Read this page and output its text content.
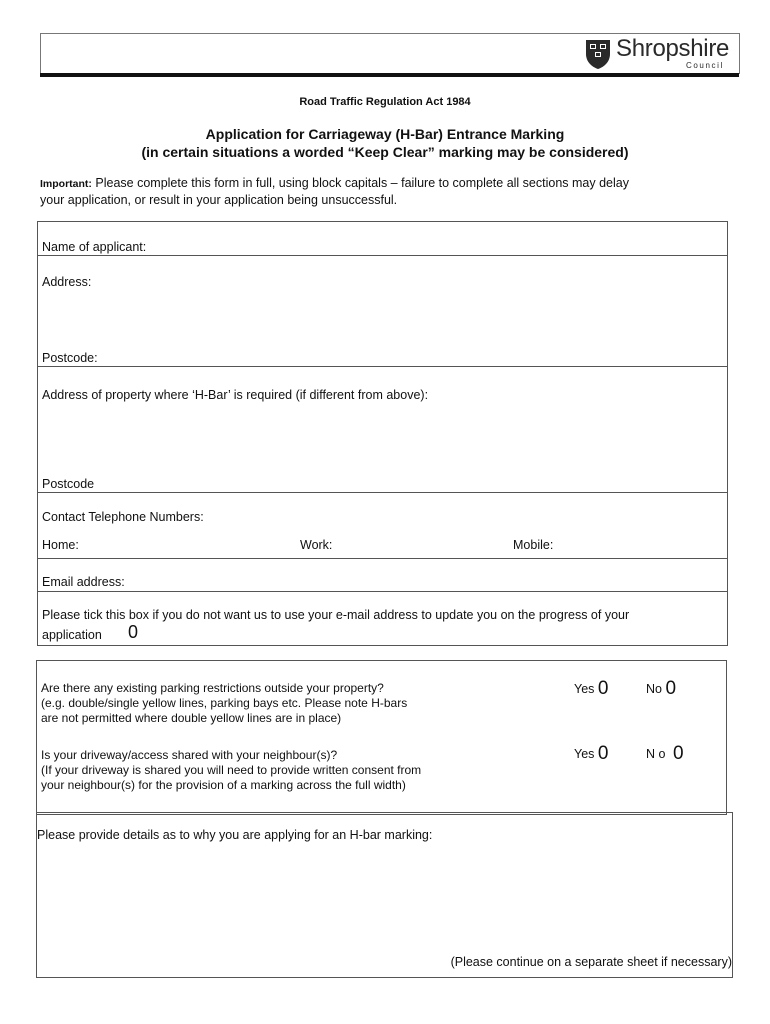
Shropshire
Council
Road Traffic Regulation Act 1984
Application for Carriageway (H-Bar) Entrance Marking
(in certain situations a worded “Keep Clear” marking may be considered)
Important: Please complete this form in full, using block capitals – failure to complete all sections may delay
your application, or result in your application being unsuccessful.
Name of applicant:
Address:
Postcode:
Address of property where ‘H-Bar’ is required (if different from above):
Postcode
Contact Telephone Numbers:
Home:	Work:	Mobile:
Email address:
Please tick this box if you do not want us to use your e-mail address to update you on the progress of your
application 0
Are there any existing parking restrictions outside your property?
(e.g. double/single yellow lines, parking bays etc. Please note H-bars
are not permitted where double yellow lines are in place)
Yes 0	No 0
Is your driveway/access shared with your neighbour(s)?
(If your driveway is shared you will need to provide written consent from
your neighbour(s) for the provision of a marking across the full width)
Yes 0	N o 0
Please provide details as to why you are applying for an H-bar marking:
(Please continue on a separate sheet if necessary)
